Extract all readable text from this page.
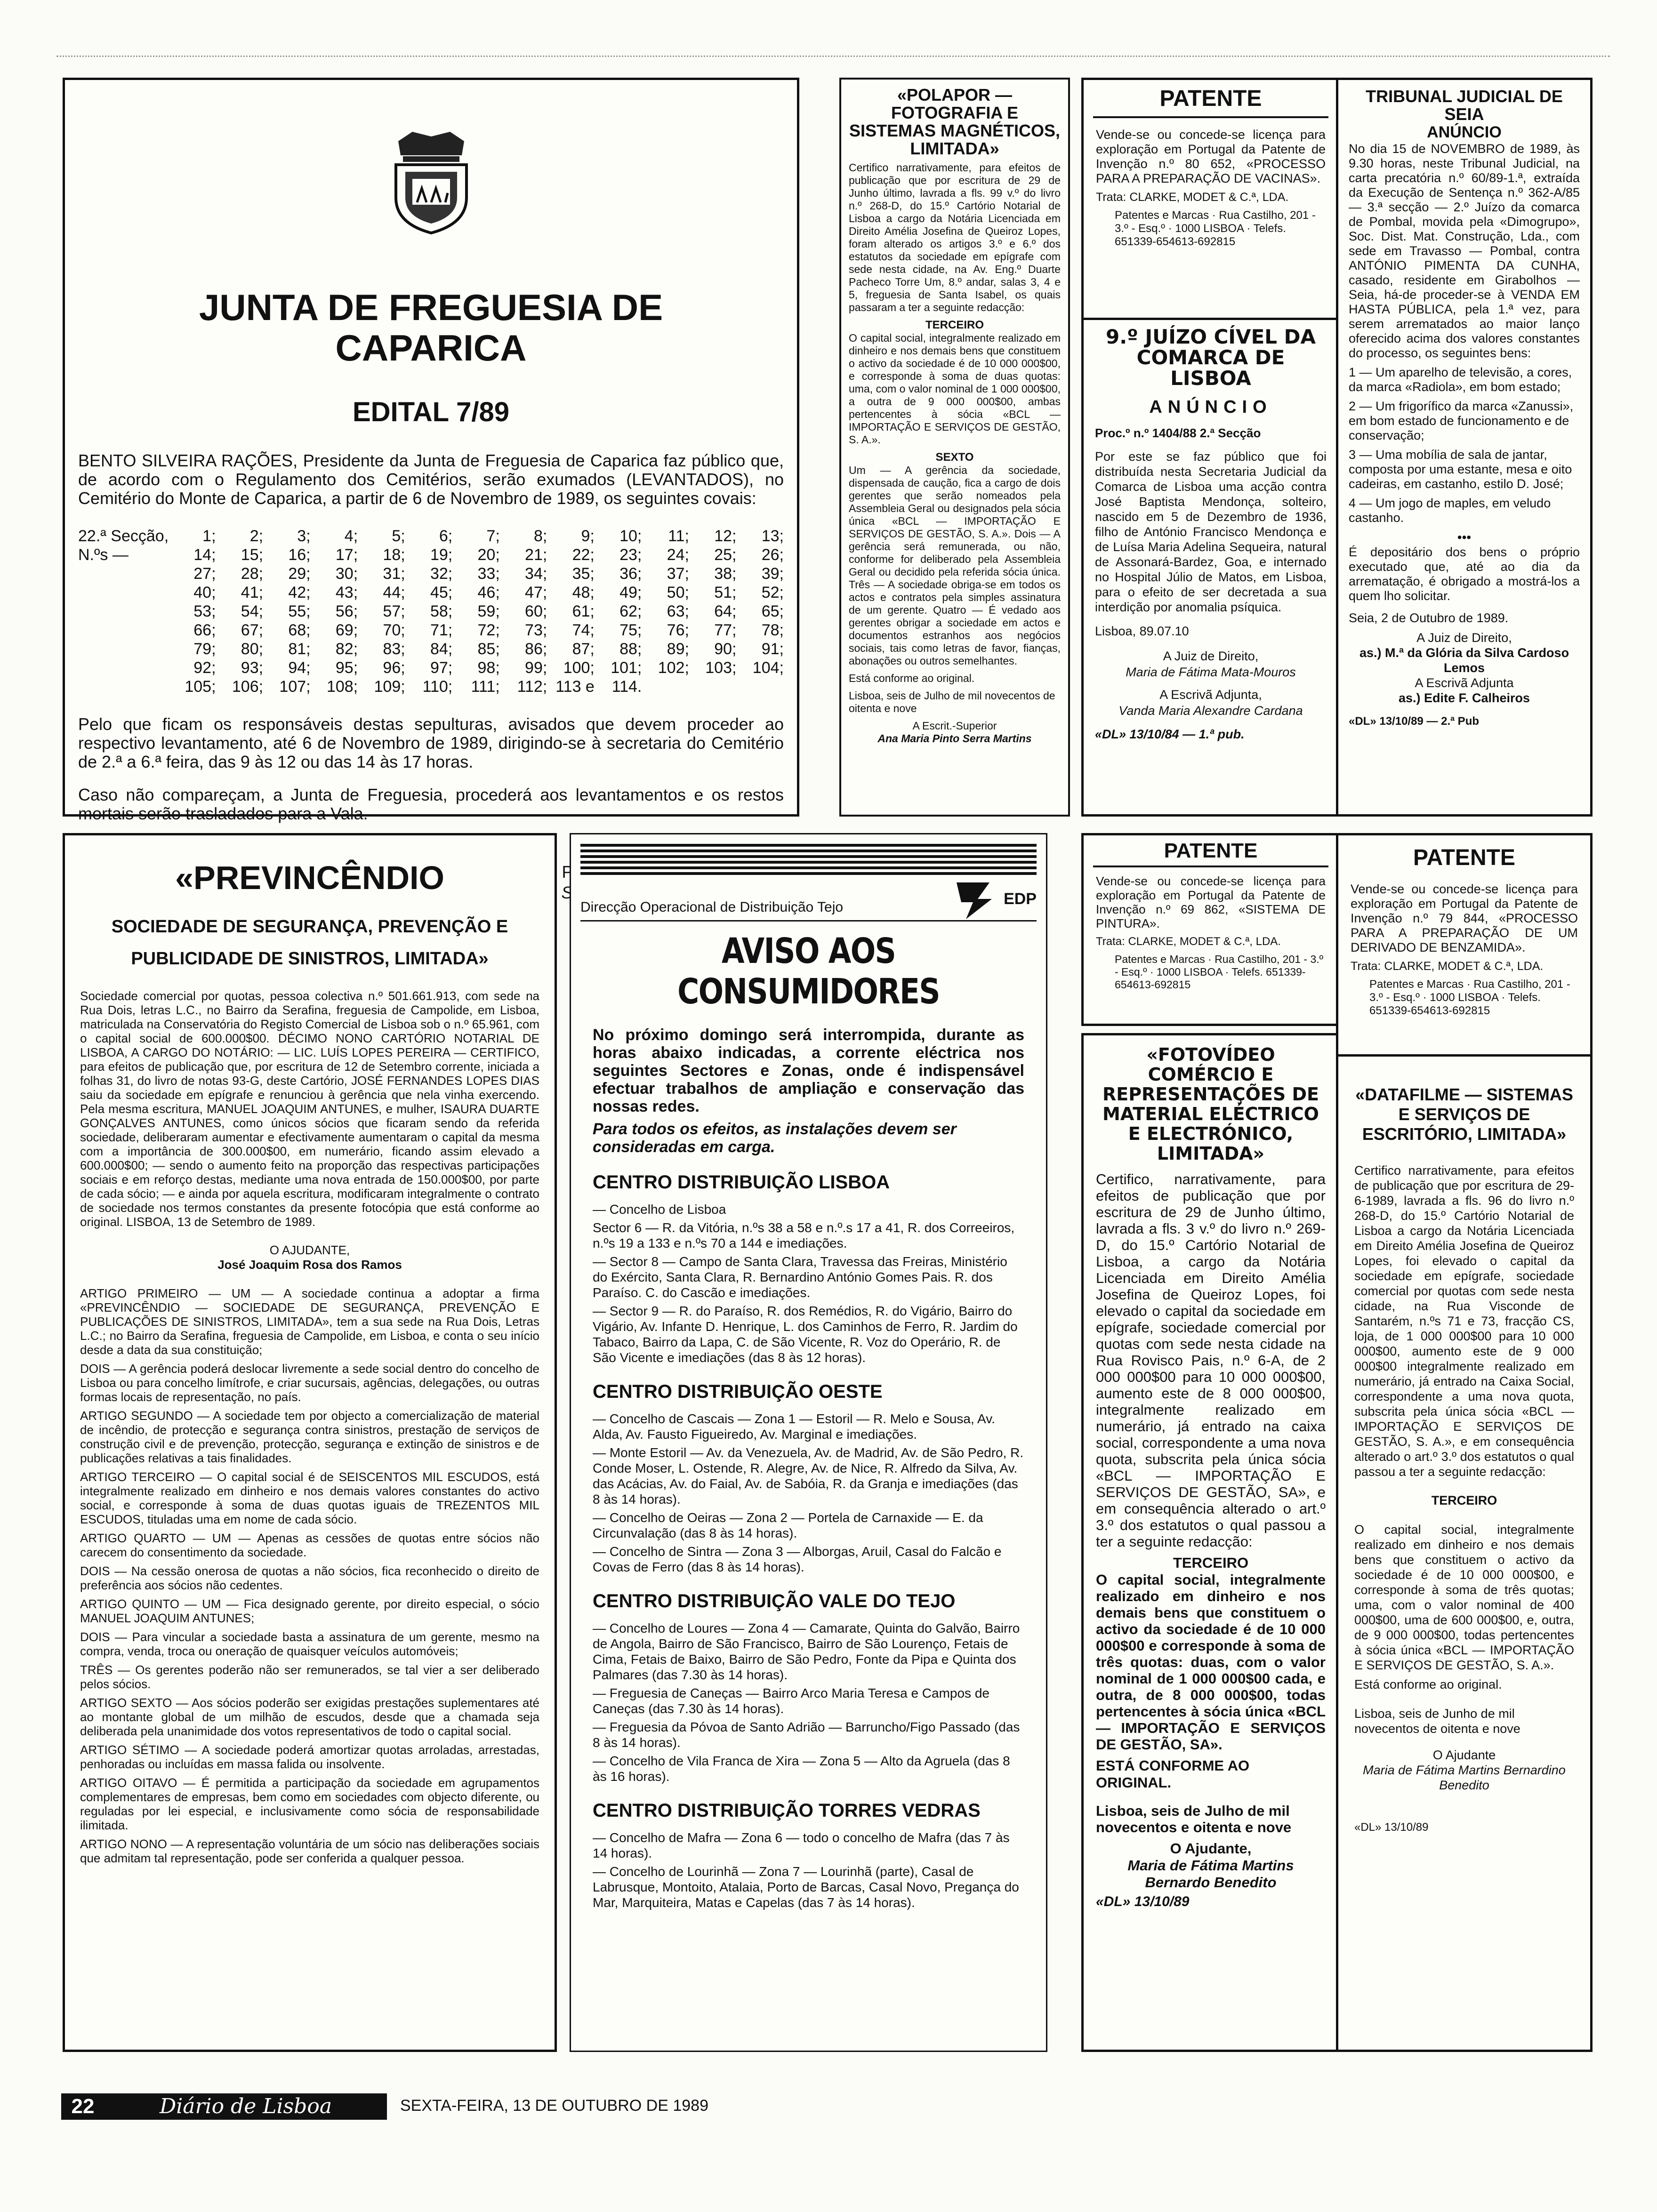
JUNTA DE FREGUESIA DE CAPARICA
EDITAL 7/89

BENTO SILVEIRA RAÇÕES, Presidente da Junta de Freguesia de Caparica faz público que, de acordo com o Regulamento dos Cemitérios, serão exumados (LEVANTADOS), no Cemitério do Monte de Caparica, a partir de 6 de Novembro de 1989, os seguintes covais:

22.ª Secção, N.ºs —
1;	2;	3;	4;	5;	6;	7;	8;	9;	10;	11;	12;	13;
14;	15;	16;	17;	18;	19;	20;	21;	22;	23;	24;	25;	26;
27;	28;	29;	30;	31;	32;	33;	34;	35;	36;	37;	38;	39;
40;	41;	42;	43;	44;	45;	46;	47;	48;	49;	50;	51;	52;
53;	54;	55;	56;	57;	58;	59;	60;	61;	62;	63;	64;	65;
66;	67;	68;	69;	70;	71;	72;	73;	74;	75;	76;	77;	78;
79;	80;	81;	82;	83;	84;	85;	86;	87;	88;	89;	90;	91;
92;	93;	94;	95;	96;	97;	98;	99;	100;	101;	102;	103;	104;
105;	106;	107;	108;	109;	110;	111;	112; 113 e	114.

Pelo que ficam os responsáveis destas sepulturas, avisados que devem proceder ao respectivo levantamento, até 6 de Novembro de 1989, dirigindo-se à secretaria do Cemitério de 2.ª a 6.ª feira, das 9 às 12 ou das 14 às 17 horas.

Caso não compareçam, a Junta de Freguesia, procederá aos levantamentos e os restos mortais serão trasladados para a Vala.

«POLAPOR — FOTOGRAFIA E SISTEMAS MAGNÉTICOS, LIMITADA»

Certifico narrativamente, para efeitos de publicação que por escritura de 29 de Junho último, lavrada a fls. 99 v.º do livro n.º 268-D, do 15.º Cartório Notarial de Lisboa a cargo da Notária Licenciada em Direito Amélia Josefina de Queiroz Lopes, foram alterado os artigos 3.º e 6.º dos estatutos da sociedade em epígrafe com sede nesta cidade, na Av. Eng.º Duarte Pacheco Torre Um, 8.º andar, salas 3, 4 e 5, freguesia de Santa Isabel, os quais passaram a ter a seguinte redacção:

TERCEIRO

O capital social, integralmente realizado em dinheiro e nos demais bens que constituem o activo da sociedade é de 10 000 000$00, e corresponde à soma de duas quotas: uma, com o valor nominal de 1 000 000$00, a outra de 9 000 000$00, ambas pertencentes à sócia «BCL — IMPORTAÇÃO E SERVIÇOS DE GESTÃO, S. A.».

SEXTO

Um — A gerência da sociedade, dispensada de caução, fica a cargo de dois gerentes que serão nomeados pela Assembleia Geral ou designados pela sócia única «BCL — IMPORTAÇÃO E SERVIÇOS DE GESTÃO, S. A.». Dois — A gerência será remunerada, ou não, conforme for deliberado pela Assembleia Geral ou decidido pela referida sócia única. Três — A sociedade obriga-se em todos os actos e contratos pela simples assinatura de um gerente. Quatro — É vedado aos gerentes obrigar a sociedade em actos e documentos estranhos aos negócios sociais, tais como letras de favor, fianças, abonações ou outros semelhantes.

Está conforme ao original.

Lisboa, seis de Julho de mil novecentos de oitenta e nove

A Escrit.-Superior
Ana Maria Pinto Serra Martins
PATENTE

Vende-se ou concede-se licença para exploração em Portugal da Patente de Invenção n.º 80 652, «PROCESSO PARA A PREPARAÇÃO DE VACINAS».

Trata: CLARKE, MODET & C.ª, LDA.

Patentes e Marcas · Rua Castilho, 201 - 3.º - Esq.º · 1000 LISBOA · Telefs. 651339-654613-692815

9.º JUÍZO CÍVEL DA COMARCA DE LISBOA
ANÚNCIO
Proc.º n.º 1404/88 2.ª Secção

Por este se faz público que foi distribuída nesta Secretaria Judicial da Comarca de Lisboa uma acção contra José Baptista Mendonça, solteiro, nascido em 5 de Dezembro de 1936, filho de António Francisco Mendonça e de Luísa Maria Adelina Sequeira, natural de Assonará-Bardez, Goa, e internado no Hospital Júlio de Matos, em Lisboa, para o efeito de ser decretada a sua interdição por anomalia psíquica.

Lisboa, 89.07.10

A Juiz de Direito,
Maria de Fátima Mata-Mouros
A Escrivã Adjunta,
Vanda Maria Alexandre Cardana
«DL» 13/10/84 — 1.ª pub.
TRIBUNAL JUDICIAL DE SEIA
ANÚNCIO

No dia 15 de NOVEMBRO de 1989, às 9.30 horas, neste Tribunal Judicial, na carta precatória n.º 60/89-1.ª, extraída da Execução de Sentença n.º 362-A/85 — 3.ª secção — 2.º Juízo da comarca de Pombal, movida pela «Dimogrupo», Soc. Dist. Mat. Construção, Lda., com sede em Travasso — Pombal, contra ANTÓNIO PIMENTA DA CUNHA, casado, residente em Girabolhos — Seia, há-de proceder-se à VENDA EM HASTA PÚBLICA, pela 1.ª vez, para serem arrematados ao maior lanço oferecido acima dos valores constantes do processo, os seguintes bens:

1 — Um aparelho de televisão, a cores, da marca «Radiola», em bom estado;

2 — Um frigorífico da marca «Zanussi», em bom estado de funcionamento e de conservação;

3 — Uma mobília de sala de jantar, composta por uma estante, mesa e oito cadeiras, em castanho, estilo D. José;

4 — Um jogo de maples, em veludo castanho.

•••

É depositário dos bens o próprio executado que, até ao dia da arrematação, é obrigado a mostrá-los a quem lho solicitar.

Seia, 2 de Outubro de 1989.

A Juiz de Direito,
as.) M.ª da Glória da Silva Cardoso Lemos
A Escrivã Adjunta
as.) Edite F. Calheiros
«DL» 13/10/89 — 2.ª Pub
«PREVINCÊNDIO
SOCIEDADE DE SEGURANÇA, PREVENÇÃO E PUBLICIDADE DE SINISTROS, LIMITADA»

Sociedade comercial por quotas, pessoa colectiva n.º 501.661.913, com sede na Rua Dois, letras L.C., no Bairro da Serafina, freguesia de Campolide, em Lisboa, matriculada na Conservatória do Registo Comercial de Lisboa sob o n.º 65.961, com o capital social de 600.000$00. DÉCIMO NONO CARTÓRIO NOTARIAL DE LISBOA, A CARGO DO NOTÁRIO: — LIC. LUÍS LOPES PEREIRA — CERTIFICO, para efeitos de publicação que, por escritura de 12 de Setembro corrente, iniciada a folhas 31, do livro de notas 93-G, deste Cartório, JOSÉ FERNANDES LOPES DIAS saiu da sociedade em epígrafe e renunciou à gerência que nela vinha exercendo. Pela mesma escritura, MANUEL JOAQUIM ANTUNES, e mulher, ISAURA DUARTE GONÇALVES ANTUNES, como únicos sócios que ficaram sendo da referida sociedade, deliberaram aumentar e efectivamente aumentaram o capital da mesma com a importância de 300.000$00, em numerário, ficando assim elevado a 600.000$00; — sendo o aumento feito na proporção das respectivas participações sociais e em reforço destas, mediante uma nova entrada de 150.000$00, por parte de cada sócio; — e ainda por aquela escritura, modificaram integralmente o contrato de sociedade nos termos constantes da presente fotocópia que está conforme ao original. LISBOA, 13 de Setembro de 1989.

O AJUDANTE,
José Joaquim Rosa dos Ramos

ARTIGO PRIMEIRO — UM — A sociedade continua a adoptar a firma «PREVINCÊNDIO — SOCIEDADE DE SEGURANÇA, PREVENÇÃO E PUBLICAÇÕES DE SINISTROS, LIMITADA», tem a sua sede na Rua Dois, Letras L.C.; no Bairro da Serafina, freguesia de Campolide, em Lisboa, e conta o seu início desde a data da sua constituição;

DOIS — A gerência poderá deslocar livremente a sede social dentro do concelho de Lisboa ou para concelho limítrofe, e criar sucursais, agências, delegações, ou outras formas locais de representação, no país.

ARTIGO SEGUNDO — A sociedade tem por objecto a comercialização de material de incêndio, de protecção e segurança contra sinistros, prestação de serviços de construção civil e de prevenção, protecção, segurança e extinção de sinistros e de publicações relativas a tais finalidades.

ARTIGO TERCEIRO — O capital social é de SEISCENTOS MIL ESCUDOS, está integralmente realizado em dinheiro e nos demais valores constantes do activo social, e corresponde à soma de duas quotas iguais de TREZENTOS MIL ESCUDOS, tituladas uma em nome de cada sócio.

ARTIGO QUARTO — UM — Apenas as cessões de quotas entre sócios não carecem do consentimento da sociedade.

DOIS — Na cessão onerosa de quotas a não sócios, fica reconhecido o direito de preferência aos sócios não cedentes.

ARTIGO QUINTO — UM — Fica designado gerente, por direito especial, o sócio MANUEL JOAQUIM ANTUNES;

DOIS — Para vincular a sociedade basta a assinatura de um gerente, mesmo na compra, venda, troca ou oneração de quaisquer veículos automóveis;

TRÊS — Os gerentes poderão não ser remunerados, se tal vier a ser deliberado pelos sócios.

ARTIGO SEXTO — Aos sócios poderão ser exigidas prestações suplementares até ao montante global de um milhão de escudos, desde que a chamada seja deliberada pela unanimidade dos votos representativos de todo o capital social.

ARTIGO SÉTIMO — A sociedade poderá amortizar quotas arroladas, arrestadas, penhoradas ou incluídas em massa falida ou insolvente.

ARTIGO OITAVO — É permitida a participação da sociedade em agrupamentos complementares de empresas, bem como em sociedades com objecto diferente, ou reguladas por lei especial, e inclusivamente como sócia de responsabilidade ilimitada.

ARTIGO NONO — A representação voluntária de um sócio nas deliberações sociais que admitam tal representação, pode ser conferida a qualquer pessoa.

Direcção Operacional de Distribuição Tejo	EDP
AVISO AOS CONSUMIDORES

No próximo domingo será interrompida, durante as horas abaixo indicadas, a corrente eléctrica nos seguintes Sectores e Zonas, onde é indispensável efectuar trabalhos de ampliação e conservação das nossas redes.

Para todos os efeitos, as instalações devem ser consideradas em carga.

CENTRO DISTRIBUIÇÃO LISBOA
— Concelho de Lisboa
Sector 6 — R. da Vitória, n.ºs 38 a 58 e n.º.s 17 a 41, R. dos Correeiros, n.ºs 19 a 133 e n.ºs 70 a 144 e imediações.
— Sector 8 — Campo de Santa Clara, Travessa das Freiras, Ministério do Exército, Santa Clara, R. Bernardino António Gomes Pais. R. dos Paraíso. C. do Cascão e imediações.
— Sector 9 — R. do Paraíso, R. dos Remédios, R. do Vigário, Bairro do Vigário, Av. Infante D. Henrique, L. dos Caminhos de Ferro, R. Jardim do Tabaco, Bairro da Lapa, C. de São Vicente, R. Voz do Operário, R. de São Vicente e imediações (das 8 às 12 horas).
CENTRO DISTRIBUIÇÃO OESTE
— Concelho de Cascais — Zona 1 — Estoril — R. Melo e Sousa, Av. Alda, Av. Fausto Figueiredo, Av. Marginal e imediações.
— Monte Estoril — Av. da Venezuela, Av. de Madrid, Av. de São Pedro, R. Conde Moser, L. Ostende, R. Alegre, Av. de Nice, R. Alfredo da Silva, Av. das Acácias, Av. do Faial, Av. de Sabóia, R. da Granja e imediações (das 8 às 14 horas).
— Concelho de Oeiras — Zona 2 — Portela de Carnaxide — E. da Circunvalação (das 8 às 14 horas).
— Concelho de Sintra — Zona 3 — Alborgas, Aruil, Casal do Falcão e Covas de Ferro (das 8 às 14 horas).
CENTRO DISTRIBUIÇÃO VALE DO TEJO
— Concelho de Loures — Zona 4 — Camarate, Quinta do Galvão, Bairro de Angola, Bairro de São Francisco, Bairro de São Lourenço, Fetais de Cima, Fetais de Baixo, Bairro de São Pedro, Fonte da Pipa e Quinta dos Palmares (das 7.30 às 14 horas).
— Freguesia de Caneças — Bairro Arco Maria Teresa e Campos de Caneças (das 7.30 às 14 horas).
— Freguesia da Póvoa de Santo Adrião — Barruncho/Figo Passado (das 8 às 14 horas).
— Concelho de Vila Franca de Xira — Zona 5 — Alto da Agruela (das 8 às 16 horas).
CENTRO DISTRIBUIÇÃO TORRES VEDRAS
— Concelho de Mafra — Zona 6 — todo o concelho de Mafra (das 7 às 14 horas).
— Concelho de Lourinhã — Zona 7 — Lourinhã (parte), Casal de Labrusque, Montoito, Atalaia, Porto de Barcas, Casal Novo, Pregança do Mar, Marquiteira, Matas e Capelas (das 7 às 14 horas).
PATENTE

Vende-se ou concede-se licença para exploração em Portugal da Patente de Invenção n.º 69 862, «SISTEMA DE PINTURA».

Trata: CLARKE, MODET & C.ª, LDA.

Patentes e Marcas · Rua Castilho, 201 - 3.º - Esq.º · 1000 LISBOA · Telefs. 651339-654613-692815

«FOTOVÍDEO COMÉRCIO E REPRESENTAÇÕES DE MATERIAL ELÉCTRICO E ELECTRÓNICO, LIMITADA»

Certifico, narrativamente, para efeitos de publicação que por escritura de 29 de Junho último, lavrada a fls. 3 v.º do livro n.º 269-D, do 15.º Cartório Notarial de Lisboa, a cargo da Notária Licenciada em Direito Amélia Josefina de Queiroz Lopes, foi elevado o capital da sociedade em epígrafe, sociedade comercial por quotas com sede nesta cidade na Rua Rovisco Pais, n.º 6-A, de 2 000 000$00 para 10 000 000$00, aumento este de 8 000 000$00, integralmente realizado em numerário, já entrado na caixa social, correspondente a uma nova quota, subscrita pela única sócia «BCL — IMPORTAÇÃO E SERVIÇOS DE GESTÃO, SA», e em consequência alterado o art.º 3.º dos estatutos o qual passou a ter a seguinte redacção:

TERCEIRO

O capital social, integralmente realizado em dinheiro e nos demais bens que constituem o activo da sociedade é de 10 000 000$00 e corresponde à soma de três quotas: duas, com o valor nominal de 1 000 000$00 cada, e outra, de 8 000 000$00, todas pertencentes à sócia única «BCL — IMPORTAÇÃO E SERVIÇOS DE GESTÃO, SA».

ESTÁ CONFORME AO ORIGINAL.

Lisboa, seis de Julho de mil novecentos e oitenta e nove

O Ajudante,
Maria de Fátima Martins Bernardo Benedito
«DL» 13/10/89
PATENTE

Vende-se ou concede-se licença para exploração em Portugal da Patente de Invenção n.º 79 844, «PROCESSO PARA A PREPARAÇÃO DE UM DERIVADO DE BENZAMIDA».

Trata: CLARKE, MODET & C.ª, LDA.

Patentes e Marcas · Rua Castilho, 201 - 3.º - Esq.º · 1000 LISBOA · Telefs. 651339-654613-692815

«DATAFILME — SISTEMAS E SERVIÇOS DE ESCRITÓRIO, LIMITADA»

Certifico narrativamente, para efeitos de publicação que por escritura de 29-6-1989, lavrada a fls. 96 do livro n.º 268-D, do 15.º Cartório Notarial de Lisboa a cargo da Notária Licenciada em Direito Amélia Josefina de Queiroz Lopes, foi elevado o capital da sociedade em epígrafe, sociedade comercial por quotas com sede nesta cidade, na Rua Visconde de Santarém, n.ºs 71 e 73, fracção CS, loja, de 1 000 000$00 para 10 000 000$00, aumento este de 9 000 000$00 integralmente realizado em numerário, já entrado na Caixa Social, correspondente a uma nova quota, subscrita pela única sócia «BCL — IMPORTAÇÃO E SERVIÇOS DE GESTÃO, S. A.», e em consequência alterado o art.º 3.º dos estatutos o qual passou a ter a seguinte redacção:

TERCEIRO

O capital social, integralmente realizado em dinheiro e nos demais bens que constituem o activo da sociedade é de 10 000 000$00, e corresponde à soma de três quotas; uma, com o valor nominal de 400 000$00, uma de 600 000$00, e, outra, de 9 000 000$00, todas pertencentes à sócia única «BCL — IMPORTAÇÃO E SERVIÇOS DE GESTÃO, S. A.».

Está conforme ao original.

Lisboa, seis de Junho de mil novecentos de oitenta e nove

O Ajudante
Maria de Fátima Martins Bernardino Benedito
«DL» 13/10/89
22	Diário de Lisboa	SEXTA-FEIRA, 13 DE OUTUBRO DE 1989
